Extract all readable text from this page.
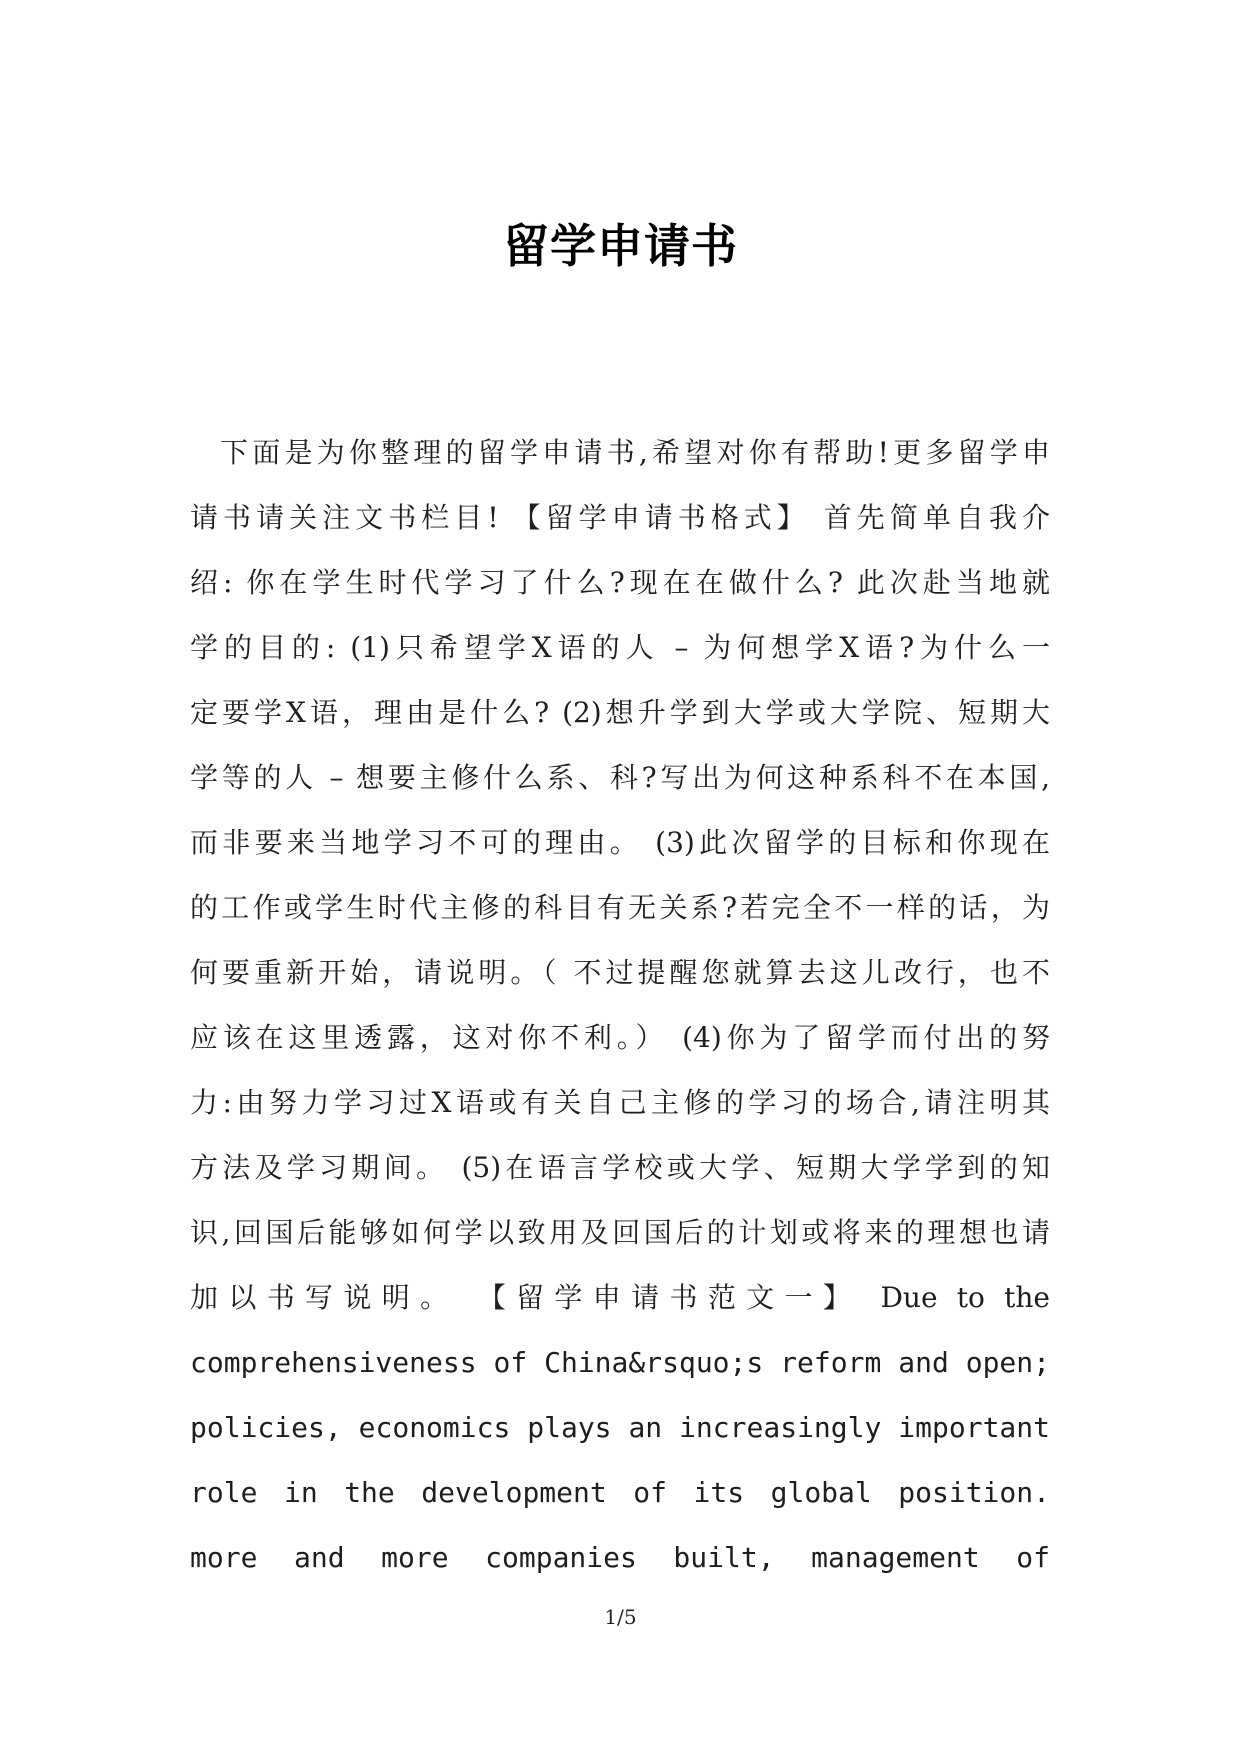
留学申请书
下面是为你整理的留学申请书,希望对你有帮助!更多留学申
请书请关注文书栏目! 【留学申请书格式】 首先简单自我介
绍: 你在学生时代学习了什么?现在在做什么? 此次赴当地就
学的目的: (1)只希望学X语的人 – 为何想学X语?为什么一
定要学X语，理由是什么? (2)想升学到大学或大学院、短期大
学等的人 – 想要主修什么系、科?写出为何这种系科不在本国,
而非要来当地学习不可的理由。 (3)此次留学的目标和你现在
的工作或学生时代主修的科目有无关系?若完全不一样的话，为
何要重新开始，请说明。（ 不过提醒您就算去这儿改行，也不
应该在这里透露，这对你不利。） (4)你为了留学而付出的努
力:由努力学习过X语或有关自己主修的学习的场合,请注明其
方法及学习期间。 (5)在语言学校或大学、短期大学学到的知
识,回国后能够如何学以致用及回国后的计划或将来的理想也请
加以书写说明。 【留学申请书范文一】 Due to the
comprehensiveness of China&rsquo;s reform and open;
policies, economics plays an increasingly important
role in the development of its global position.
more and more companies built, management of
1/5
